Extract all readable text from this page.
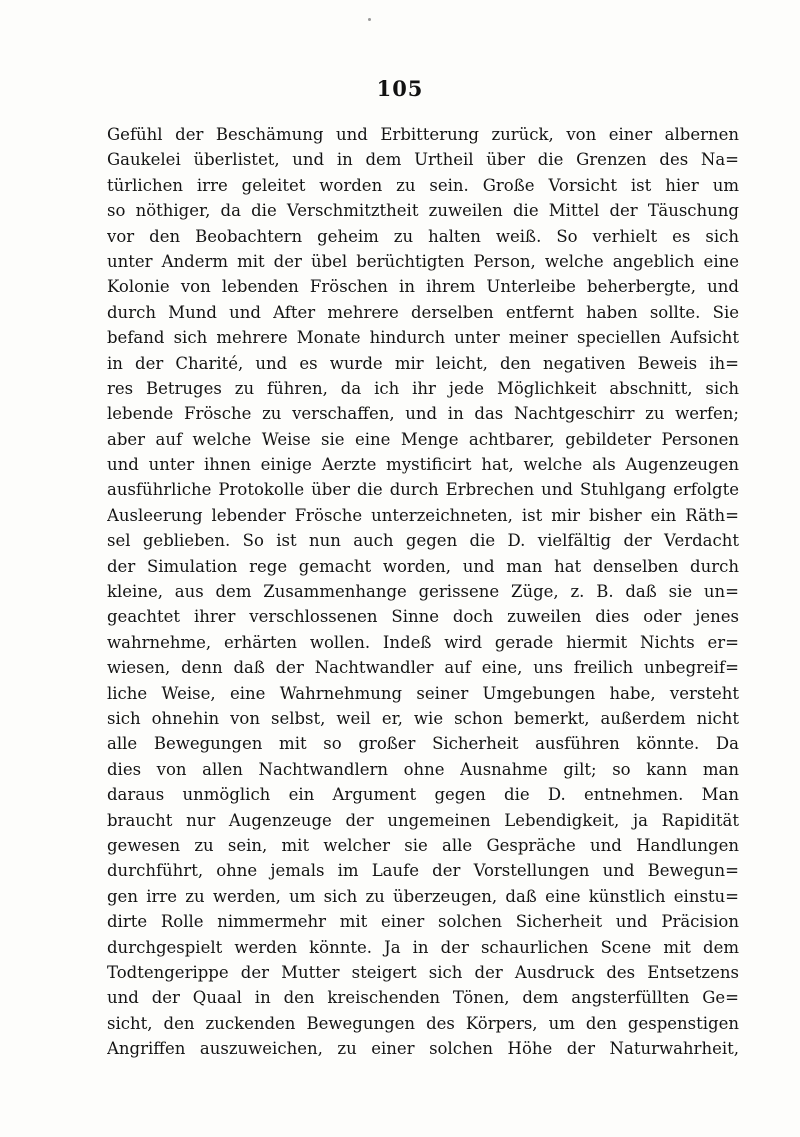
105
Gefühl der Beschämung und Erbitterung zurück, von einer albernen
Gaukelei überlistet, und in dem Urtheil über die Grenzen des Na=
türlichen irre geleitet worden zu sein. Große Vorsicht ist hier um
so nöthiger, da die Verschmitztheit zuweilen die Mittel der Täuschung
vor den Beobachtern geheim zu halten weiß. So verhielt es sich
unter Anderm mit der übel berüchtigten Person, welche angeblich eine
Kolonie von lebenden Fröschen in ihrem Unterleibe beherbergte, und
durch Mund und After mehrere derselben entfernt haben sollte. Sie
befand sich mehrere Monate hindurch unter meiner speciellen Aufsicht
in der Charité, und es wurde mir leicht, den negativen Beweis ih=
res Betruges zu führen, da ich ihr jede Möglichkeit abschnitt, sich
lebende Frösche zu verschaffen, und in das Nachtgeschirr zu werfen;
aber auf welche Weise sie eine Menge achtbarer, gebildeter Personen
und unter ihnen einige Aerzte mystificirt hat, welche als Augenzeugen
ausführliche Protokolle über die durch Erbrechen und Stuhlgang erfolgte
Ausleerung lebender Frösche unterzeichneten, ist mir bisher ein Räth=
sel geblieben. So ist nun auch gegen die D. vielfältig der Verdacht
der Simulation rege gemacht worden, und man hat denselben durch
kleine, aus dem Zusammenhange gerissene Züge, z. B. daß sie un=
geachtet ihrer verschlossenen Sinne doch zuweilen dies oder jenes
wahrnehme, erhärten wollen. Indeß wird gerade hiermit Nichts er=
wiesen, denn daß der Nachtwandler auf eine, uns freilich unbegreif=
liche Weise, eine Wahrnehmung seiner Umgebungen habe, versteht
sich ohnehin von selbst, weil er, wie schon bemerkt, außerdem nicht
alle Bewegungen mit so großer Sicherheit ausführen könnte. Da
dies von allen Nachtwandlern ohne Ausnahme gilt; so kann man
daraus unmöglich ein Argument gegen die D. entnehmen. Man
braucht nur Augenzeuge der ungemeinen Lebendigkeit, ja Rapidität
gewesen zu sein, mit welcher sie alle Gespräche und Handlungen
durchführt, ohne jemals im Laufe der Vorstellungen und Bewegun=
gen irre zu werden, um sich zu überzeugen, daß eine künstlich einstu=
dirte Rolle nimmermehr mit einer solchen Sicherheit und Präcision
durchgespielt werden könnte. Ja in der schaurlichen Scene mit dem
Todtengerippe der Mutter steigert sich der Ausdruck des Entsetzens
und der Quaal in den kreischenden Tönen, dem angsterfüllten Ge=
sicht, den zuckenden Bewegungen des Körpers, um den gespenstigen
Angriffen auszuweichen, zu einer solchen Höhe der Naturwahrheit,
